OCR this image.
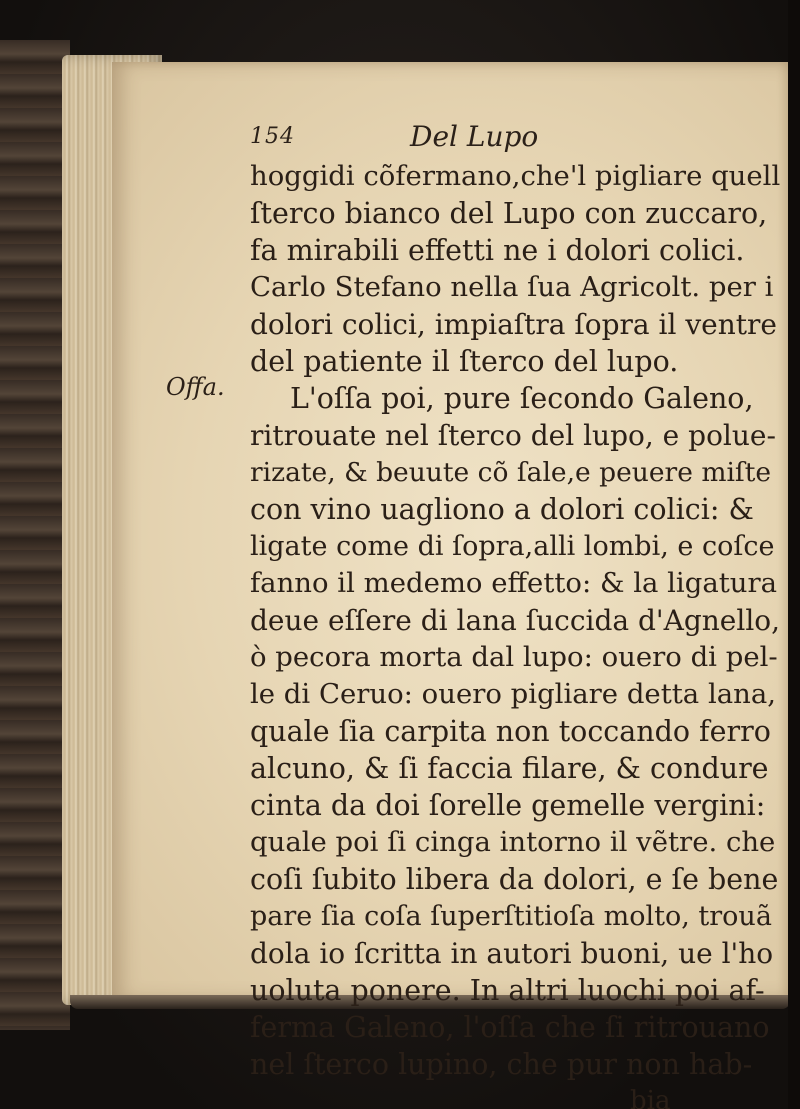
154	Del Lupo
Offa.
hoggidi cõfermano,che'l pigliare quell
ſterco bianco del Lupo con zuccaro,
fa mirabili effetti ne i dolori colici.
Carlo Stefano nella ſua Agricolt. per i
dolori colici, impiaſtra ſopra il ventre
del patiente il ſterco del lupo.
L'oſſa poi, pure ſecondo Galeno,
ritrouate nel ſterco del lupo, e polue-
rizate, & beuute cõ ſale,e peuere miſte
con vino uagliono a dolori colici: &
ligate come di ſopra,alli lombi, e coſce
fanno il medemo effetto: & la ligatura
deue eſſere di lana ſuccida d'Agnello,
ò pecora morta dal lupo: ouero di pel-
le di Ceruo: ouero pigliare detta lana,
quale ſia carpita non toccando ferro
alcuno, & ſi faccia filare, & condure
cinta da doi ſorelle gemelle vergini:
quale poi ſi cinga intorno il vẽtre. che
coſi ſubito libera da dolori, e ſe bene
pare ſia coſa ſuperſtitioſa molto, trouã
dola io ſcritta in autori buoni, ue l'ho
uoluta ponere. In altri luochi poi af-
ferma Galeno, l'oſſa che ſi ritrouano
nel ſterco lupino, che pur non hab-
bia
